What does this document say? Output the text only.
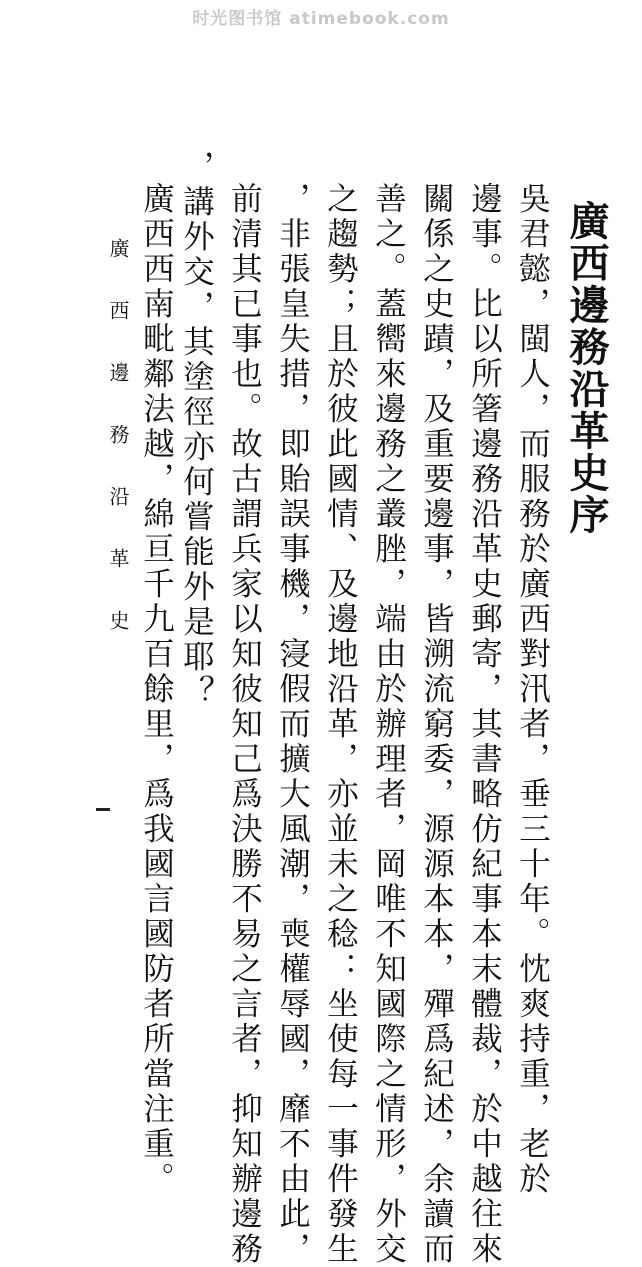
时光图书馆 atimebook.com
廣西邊務沿革史序
吳君懿，閩人，而服務於廣西對汛者，垂三十年。忱爽持重，老於
邊事。比以所箸邊務沿革史郵寄，其書略仿紀事本末體裁，於中越往來
關係之史蹟，及重要邊事，皆溯流窮委，源源本本，殫爲紀述，余讀而
善之。蓋嚮來邊務之叢脞，端由於辦理者，岡唯不知國際之情形，外交
之趨勢；且於彼此國情、及邊地沿革，亦並未之稔：坐使每一事件發生
，非張皇失措，即貽誤事機，寖假而擴大風潮，喪權辱國，靡不由此，
前清其已事也。故古謂兵家以知彼知己爲決勝不易之言者，抑知辦邊務
廣 西 邊 務 沿 革 史 ，講外交，其塗徑亦何嘗能外是耶？
廣西西南毗鄰法越，綿亘千九百餘里，爲我國言國防者所當注重。
